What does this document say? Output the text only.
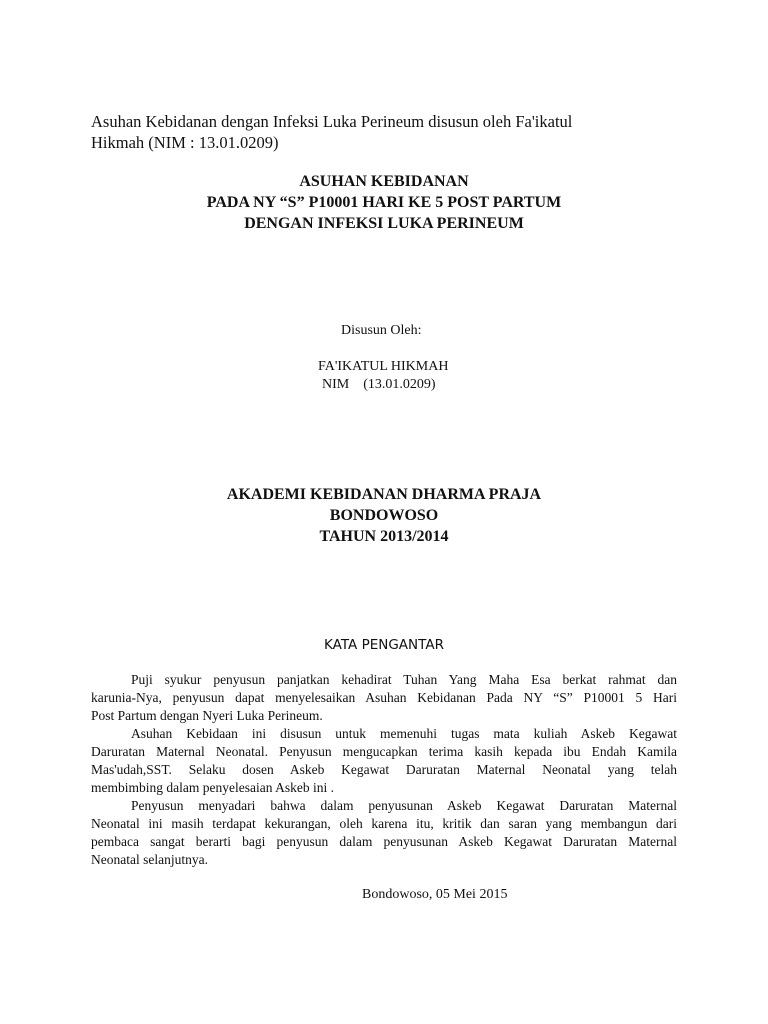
Asuhan Kebidanan dengan Infeksi Luka Perineum disusun oleh Fa'ikatul

Hikmah (NIM : 13.01.0209)

ASUHAN KEBIDANAN

PADA NY “S” P10001 HARI KE 5 POST PARTUM

DENGAN INFEKSI LUKA PERINEUM

Disusun Oleh:

FA'IKATUL HIKMAH

NIM    (13.01.0209)

AKADEMI KEBIDANAN DHARMA PRAJA

BONDOWOSO

TAHUN 2013/2014

KATA PENGANTAR

Puji syukur penyusun panjatkan kehadirat Tuhan Yang Maha Esa berkat rahmat dan
karunia-Nya, penyusun dapat menyelesaikan Asuhan Kebidanan Pada NY “S” P10001 5 Hari
Post Partum dengan Nyeri Luka Perineum.
Asuhan Kebidaan ini disusun untuk memenuhi tugas mata kuliah Askeb Kegawat
Daruratan Maternal Neonatal. Penyusun mengucapkan terima kasih kepada ibu Endah Kamila
Mas'udah,SST. Selaku dosen Askeb Kegawat Daruratan Maternal Neonatal yang telah
membimbing dalam penyelesaian Askeb ini .
Penyusun menyadari bahwa dalam penyusunan Askeb Kegawat Daruratan Maternal
Neonatal ini masih terdapat kekurangan, oleh karena itu, kritik dan saran yang membangun dari
pembaca sangat berarti bagi penyusun dalam penyusunan Askeb Kegawat Daruratan Maternal
Neonatal selanjutnya.

Bondowoso, 05 Mei 2015
